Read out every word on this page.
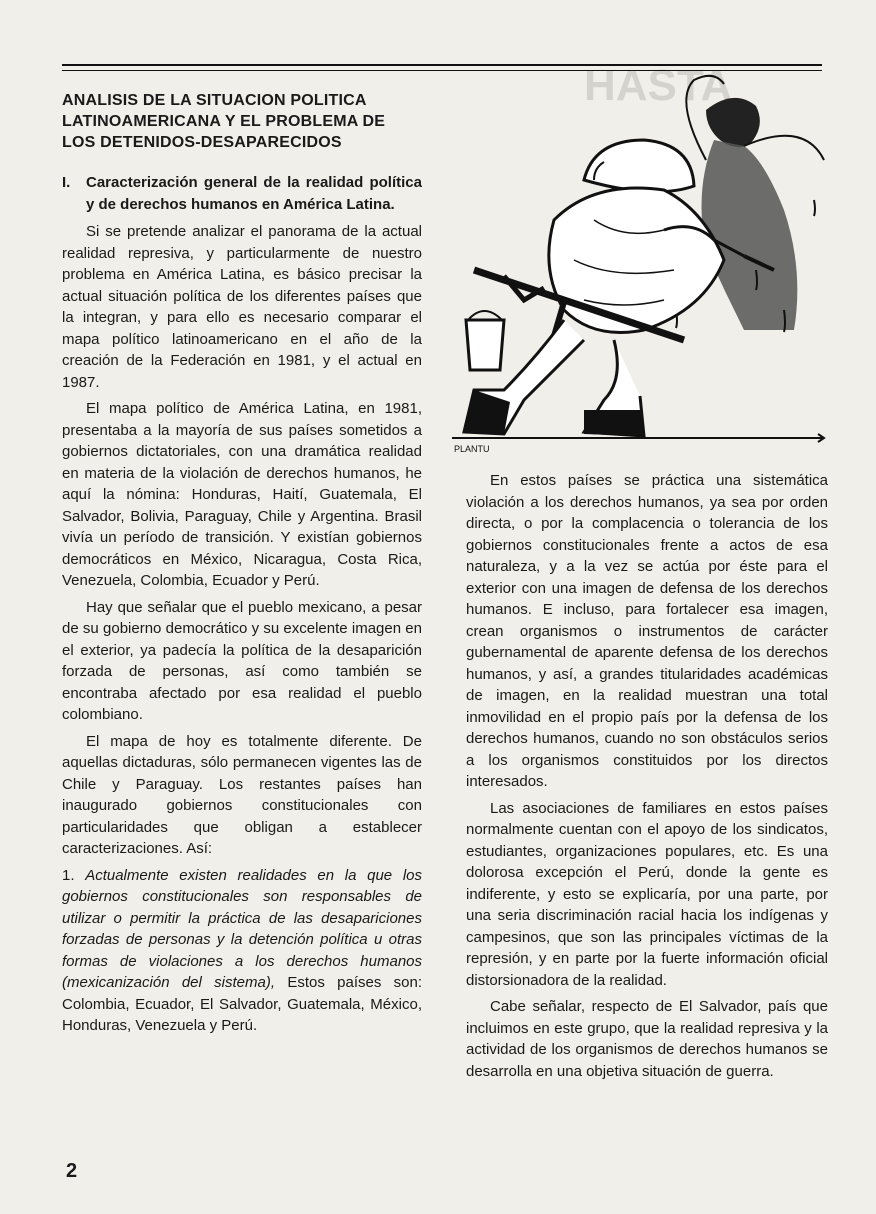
ANALISIS DE LA SITUACION POLITICA LATINOAMERICANA Y EL PROBLEMA DE LOS DETENIDOS-DESAPARECIDOS
I.	Caracterización general de la realidad política y de derechos humanos en América Latina.

Si se pretende analizar el panorama de la actual realidad represiva, y particularmente de nuestro problema en América Latina, es básico precisar la actual situación política de los diferentes países que la integran, y para ello es necesario comparar el mapa político latinoamericano en el año de la creación de la Federación en 1981, y el actual en 1987.

El mapa político de América Latina, en 1981, presentaba a la mayoría de sus países sometidos a gobiernos dictatoriales, con una dramática realidad en materia de la violación de derechos humanos, he aquí la nómina: Honduras, Haití, Guatemala, El Salvador, Bolivia, Paraguay, Chile y Argentina. Brasil vivía un período de transición. Y existían gobiernos democráticos en México, Nicaragua, Costa Rica, Venezuela, Colombia, Ecuador y Perú.

Hay que señalar que el pueblo mexicano, a pesar de su gobierno democrático y su excelente imagen en el exterior, ya padecía la política de la desaparición forzada de personas, así como también se encontraba afectado por esa realidad el pueblo colombiano.

El mapa de hoy es totalmente diferente. De aquellas dictaduras, sólo permanecen vigentes las de Chile y Paraguay. Los restantes países han inaugurado gobiernos constitucionales con particularidades que obligan a establecer caracterizaciones. Así:

1. Actualmente existen realidades en la que los gobiernos constitucionales son responsables de utilizar o permitir la práctica de las desapariciones forzadas de personas y la detención política u otras formas de violaciones a los derechos humanos (mexicanización del sistema), Estos países son: Colombia, Ecuador, El Salvador, Guatemala, México, Honduras, Venezuela y Perú.

HASTA
PLANTU

En estos países se práctica una sistemática violación a los derechos humanos, ya sea por orden directa, o por la complacencia o tolerancia de los gobiernos constitucionales frente a actos de esa naturaleza, y a la vez se actúa por éste para el exterior con una imagen de defensa de los derechos humanos. E incluso, para fortalecer esa imagen, crean organismos o instrumentos de carácter gubernamental de aparente defensa de los derechos humanos, y así, a grandes titularidades académicas de imagen, en la realidad muestran una total inmovilidad en el propio país por la defensa de los derechos humanos, cuando no son obstáculos serios a los organismos constituidos por los directos interesados.

Las asociaciones de familiares en estos países normalmente cuentan con el apoyo de los sindicatos, estudiantes, organizaciones populares, etc. Es una dolorosa excepción el Perú, donde la gente es indiferente, y esto se explicaría, por una parte, por una seria discriminación racial hacia los indígenas y campesinos, que son las principales víctimas de la represión, y en parte por la fuerte información oficial distorsionadora de la realidad.

Cabe señalar, respecto de El Salvador, país que incluimos en este grupo, que la realidad represiva y la actividad de los organismos de derechos humanos se desarrolla en una objetiva situación de guerra.

2
